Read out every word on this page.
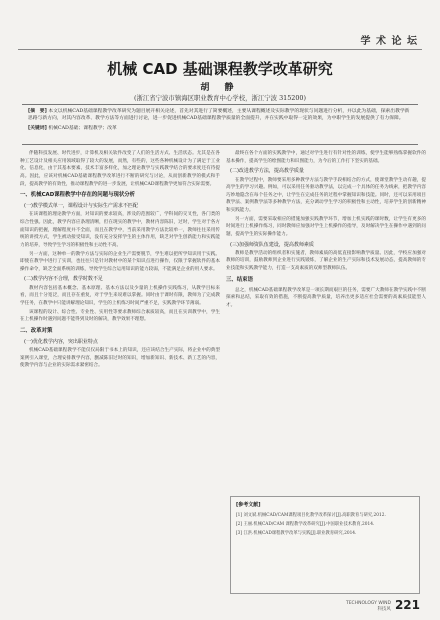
学 术 论 坛
机械 CAD 基础课程教学改革研究
胡 静
(浙江省宁波市镇海区职业教育中心学校，浙江宁波 315200)
[摘　要] 本文以机械CAD基础课程教学改革研究为题目展开相关论述，首先对其进行了简要概述，主要从课程概述及实际教学的现状与问题进行分析，并以此为基础，探索出教学新思路与新方向，对其内容改革、教学方法等方面进行讨论，进一步促进机械CAD基础课程教学质量的全面提升，并在实践中取得一定的效果，为中职学生的发展提供了有力保障。
[关键词] 机械CAD基础；课程教学；改革

伴随科技发展、时代进步，计算机及相关软件改变了人们的生活方式、生活状态。尤其是在各种工艺设计及相关应用领域取得了较大的发展，而然，有些的，这些各种机械设计为了满足于工业化、信息化，由于其基本要素、技术丰富多样化，加之理论教学与实践教学结合的要求度还有待提高。因此，应该对机械CAD基础课程教学改革进行不断的研究与讨论，从而创新教学的模式和手段，提高教学的有效性，推动课程教学的进一步发展，让机械CAD课程教学更加符合实际需要。

一、机械CAD课程教学中存在的问题与现状分析
(一)教学模式单一，课程设计与实际生产需求不匹配

在该课程的理论教学方面，对知识的要求较高，涉及的范围较广，学科间的交叉性，各门类的综合性强。因此，教学内容应条理清晰，但在现实的教学中，教材内容陈旧，过时，学生对于各方面知识的把握，理解程度并不全面，而且在教学中，当前采用教学方法比较单一，教师往往采用传统的讲授方式，学生被动接受知识，没有充分发挥学生的主体作用，缺乏对学生创新能力和实践能力的培养，导致学生学习的积极性和主动性不高。

另一方面，这种单一的教学方法与实际的企业生产需要脱节，学生难以把所学知识用于实践。即使在教学中进行了实训，也往往只是针对教材中的某个知识点进行操作，仅限于掌握软件的基本操作命令，缺乏全面系统的训练，导致学生综合运用知识的能力较弱，不能满足企业的用人要求。

(二)教学内容不合理，教学时数不足

教材内容包括基本概念、基本原理、基本方法以及少量的上机操作实践练习，从教学目标来看，而且十分宽泛，而且存在重复，对于学生来说难以掌握。同时由于课时有限，教师为了完成教学任务，在教学中只能讲解理论知识，学生的上机练习时间严重不足，实践教学环节薄弱。

该课程的设计、综合性、专业性、实用性等要求教师综合素质较高，而且在实训教学中，学生在上机操作时遇到问题不能得到及时的解决，教学效果不理想。

二、改革对策
(一)优化教学内容，突出职业特点

机械CAD基础课程教学不能仅仅局限于书本上的知识，还应该结合生产实际，将企业中的典型案例引入课堂，合理安排教学内容，删减陈旧过时的知识，增加新知识、新技术、新工艺的内容，使教学内容与企业的实际需求紧密结合。

最终在各个方面的实践教学中，通过对学生进行有针对性的训练，使学生能够熟练掌握软件的基本操作，提高学生的绘图能力和识图能力，为今后的工作打下坚实的基础。

(二)改进教学方法，提高教学质量

在教学过程中，教师要采用多种教学方法与教学手段相结合的方式，使课堂教学生动有趣，提高学生的学习兴趣。例如，可以采用任务驱动教学法，以完成一个具体的任务为线索，把教学内容巧妙地隐含在每个任务之中，让学生在完成任务的过程中掌握知识和技能。同时，还可以采用项目教学法、案例教学法等多种教学方法，充分调动学生学习的积极性和主动性，培养学生的创新精神和实践能力。

另一方面，需要采取相应的措施加强实践教学环节，增加上机实践的课时数，让学生有更多的时间进行上机操作练习，同时教师应加强对学生上机操作的指导，及时解决学生在操作中遇到的问题，提高学生的实际操作能力。

(三)加强师资队伍建设，提高教师素质

教师是教学活动的组织者和实施者，教师素质的高低直接影响教学质量。因此，学校应加强对教师的培训，鼓励教师到企业进行实践锻炼，了解企业的生产实际和技术发展动态，提高教师的专业技能和实践教学能力，打造一支高素质的双师型教师队伍。

三、结束语

总之，机械CAD基础课程教学改革是一项长期而艰巨的任务，需要广大教师在教学实践中不断探索和总结，采取有效的措施，不断提高教学质量，培养出更多适应社会需要的高素质技能型人才。

[参考文献]
[1] 刘文斌.机械CAD/CAM课程项目化教学改革探讨[J].高职教育与研究,2012.
[2] 王丽.机械CAD/CAM 课程教学改革研究[J].中国职业技术教育,2014.
[3] 江洪.机械CAD课程教学改革与实践[J].职业教育研究,2014.
TECHNOLOGY WIND
科技风 221
